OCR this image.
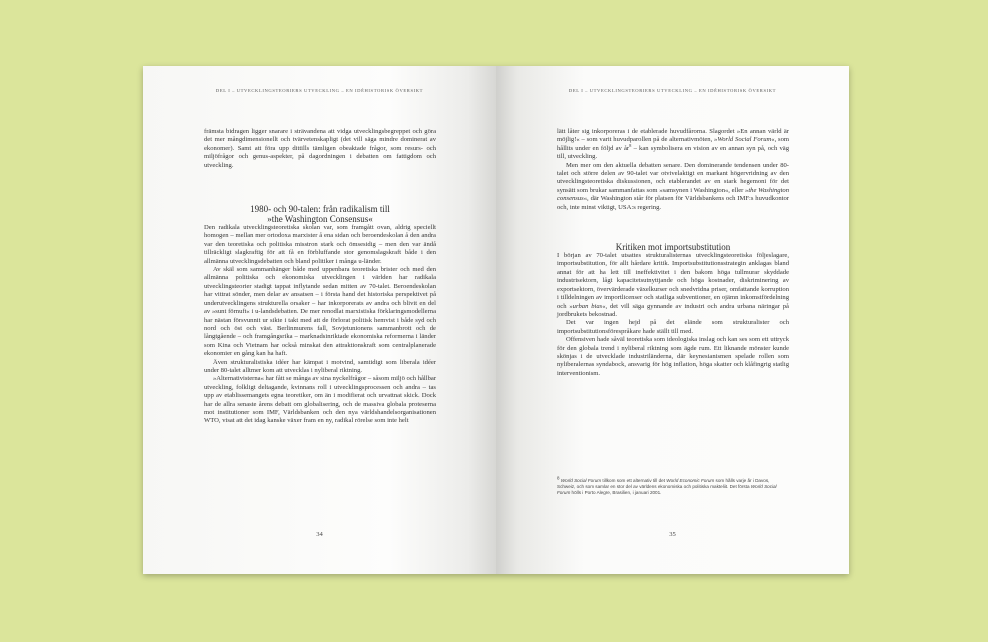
DEL I – UTVECKLINGSTEORIERS UTVECKLING – EN IDÉHISTORISK ÖVERSIKT

främsta bidragen ligger snarare i strävandena att vidga utvecklingsbegreppet och göra det mer mångdimensionellt och tvärvetenskapligt (det vill säga mindre dominerat av ekonomer). Samt att föra upp dittills tämligen obeaktade frågor, som resurs- och miljöfrågor och genus-aspekter, på dagordningen i debatten om fattigdom och utveckling.

1980- och 90-talen: från radikalism till
»the Washington Consensus«

Den radikala utvecklingsteoretiska skolan var, som framgått ovan, aldrig speciellt homogen – mellan mer ortodoxa marxister å ena sidan och beroendeskolan å den andra var den teoretiska och politiska misstron stark och ömsesidig – men den var ändå tillräckligt slagkraftig för att få en förbluffande stor genomslagskraft både i den allmänna utvecklingsdebatten och bland politiker i många u-länder.

Av skäl som sammanhänger både med uppenbara teoretiska brister och med den allmänna politiska och ekonomiska utvecklingen i världen har radikala utvecklingsteorier stadigt tappat inflytande sedan mitten av 70-talet. Beroendeskolan har vittrat sönder, men delar av ansatsen – i första hand det historiska perspektivet på underutvecklingens strukturella orsaker – har inkorporerats av andra och blivit en del av »sunt förnuft« i u-landsdebatten. De mer renodlat marxistiska förklaringsmodellerna har nästan försvunnit ur sikte i takt med att de förlorat politisk hemvist i både syd och nord och öst och väst. Berlinmurens fall, Sovjetunionens sammanbrott och de långtgående – och framgångsrika – marknadsinriktade ekonomiska reformerna i länder som Kina och Vietnam har också minskat den attraktionskraft som centralplanerade ekonomier en gång kan ha haft.

Även strukturalistiska idéer har kämpat i motvind, samtidigt som liberala idéer under 80-talet alltmer kom att utvecklas i nyliberal riktning.

»Alternativisterna« har fått se många av sina nyckelfrågor – såsom miljö och hållbar utveckling, folkligt deltagande, kvinnans roll i utvecklingsprocessen och andra – tas upp av etablissemangets egna teoretiker, om än i modifierat och urvattnat skick. Dock har de allra senaste årens debatt om globalisering, och de massiva globala proteserna mot institutioner som IMF, Världsbanken och den nya världshandelsorganisationen WTO, visat att det idag kanske växer fram en ny, radikal rörelse som inte helt

34
DEL I – UTVECKLINGSTEORIERS UTVECKLING – EN IDÉHISTORISK ÖVERSIKT

lätt låter sig inkorporeras i de etablerade huvudfårorna. Slagordet »En annan värld är möjlig!« – som varit huvudparollen på de alternativmöten, »World Social Forum«, som hållits under en följd av $år^8$ – kan symbolisera en vision av en annan syn på, och väg till, utveckling.

Men mer om den aktuella debatten senare. Den dominerande tendensen under 80-talet och större delen av 90-talet var otvivelaktigt en markant högervridning av den utvecklingsteoretiska diskussionen, och etablerandet av en stark hegemoni för det synsätt som brukar sammanfattas som »samsynen i Washington«, eller »the Washington consensus«, där Washington står för platsen för Världsbankens och IMF:s huvudkontor och, inte minst viktigt, USA:s regering.

Kritiken mot importsubstitution

I början av 70-talet utsattes strukturalisternas utvecklingsteoretiska följeslagare, importsubstitution, för allt hårdare kritik. Importsubstitutionsstrategin anklagas bland annat för att ha lett till ineffektivitet i den bakom höga tullmurar skyddade industrisektorn, lågt kapacitetsutnyttjande och höga kostnader, diskriminering av exportsektorn, övervärderade växelkurser och snedvridna priser, omfattande korruption i tilldelningen av importlicenser och statliga subventioner, en ojämn inkomstfördelning och »urban bias«, det vill säga gynnande av industri och andra urbana näringar på jordbrukets bekostnad.

Det var ingen hejd på det elände som strukturalister och importsubstitutionsförespråkare hade ställt till med.

Offensiven hade såväl teoretiska som ideologiska inslag och kan ses som ett uttryck för den globala trend i nyliberal riktning som ägde rum. Ett liknande mönster kunde skönjas i de utvecklade industriländerna, där keynesianismen spelade rollen som nyliberalernas syndabock, ansvarig för hög inflation, höga skatter och klåfingrig statlig interventionism.

$^8$ World Social Forum tillkom som ett alternativ till det World Economic Forum som hålls varje år i Davos, Schweiz, och som samlar en stor del av världens ekonomiska och politiska makteliit. Det första World Social Forum hölls i Porto Alegre, Brasilien, i januari 2001.
35
